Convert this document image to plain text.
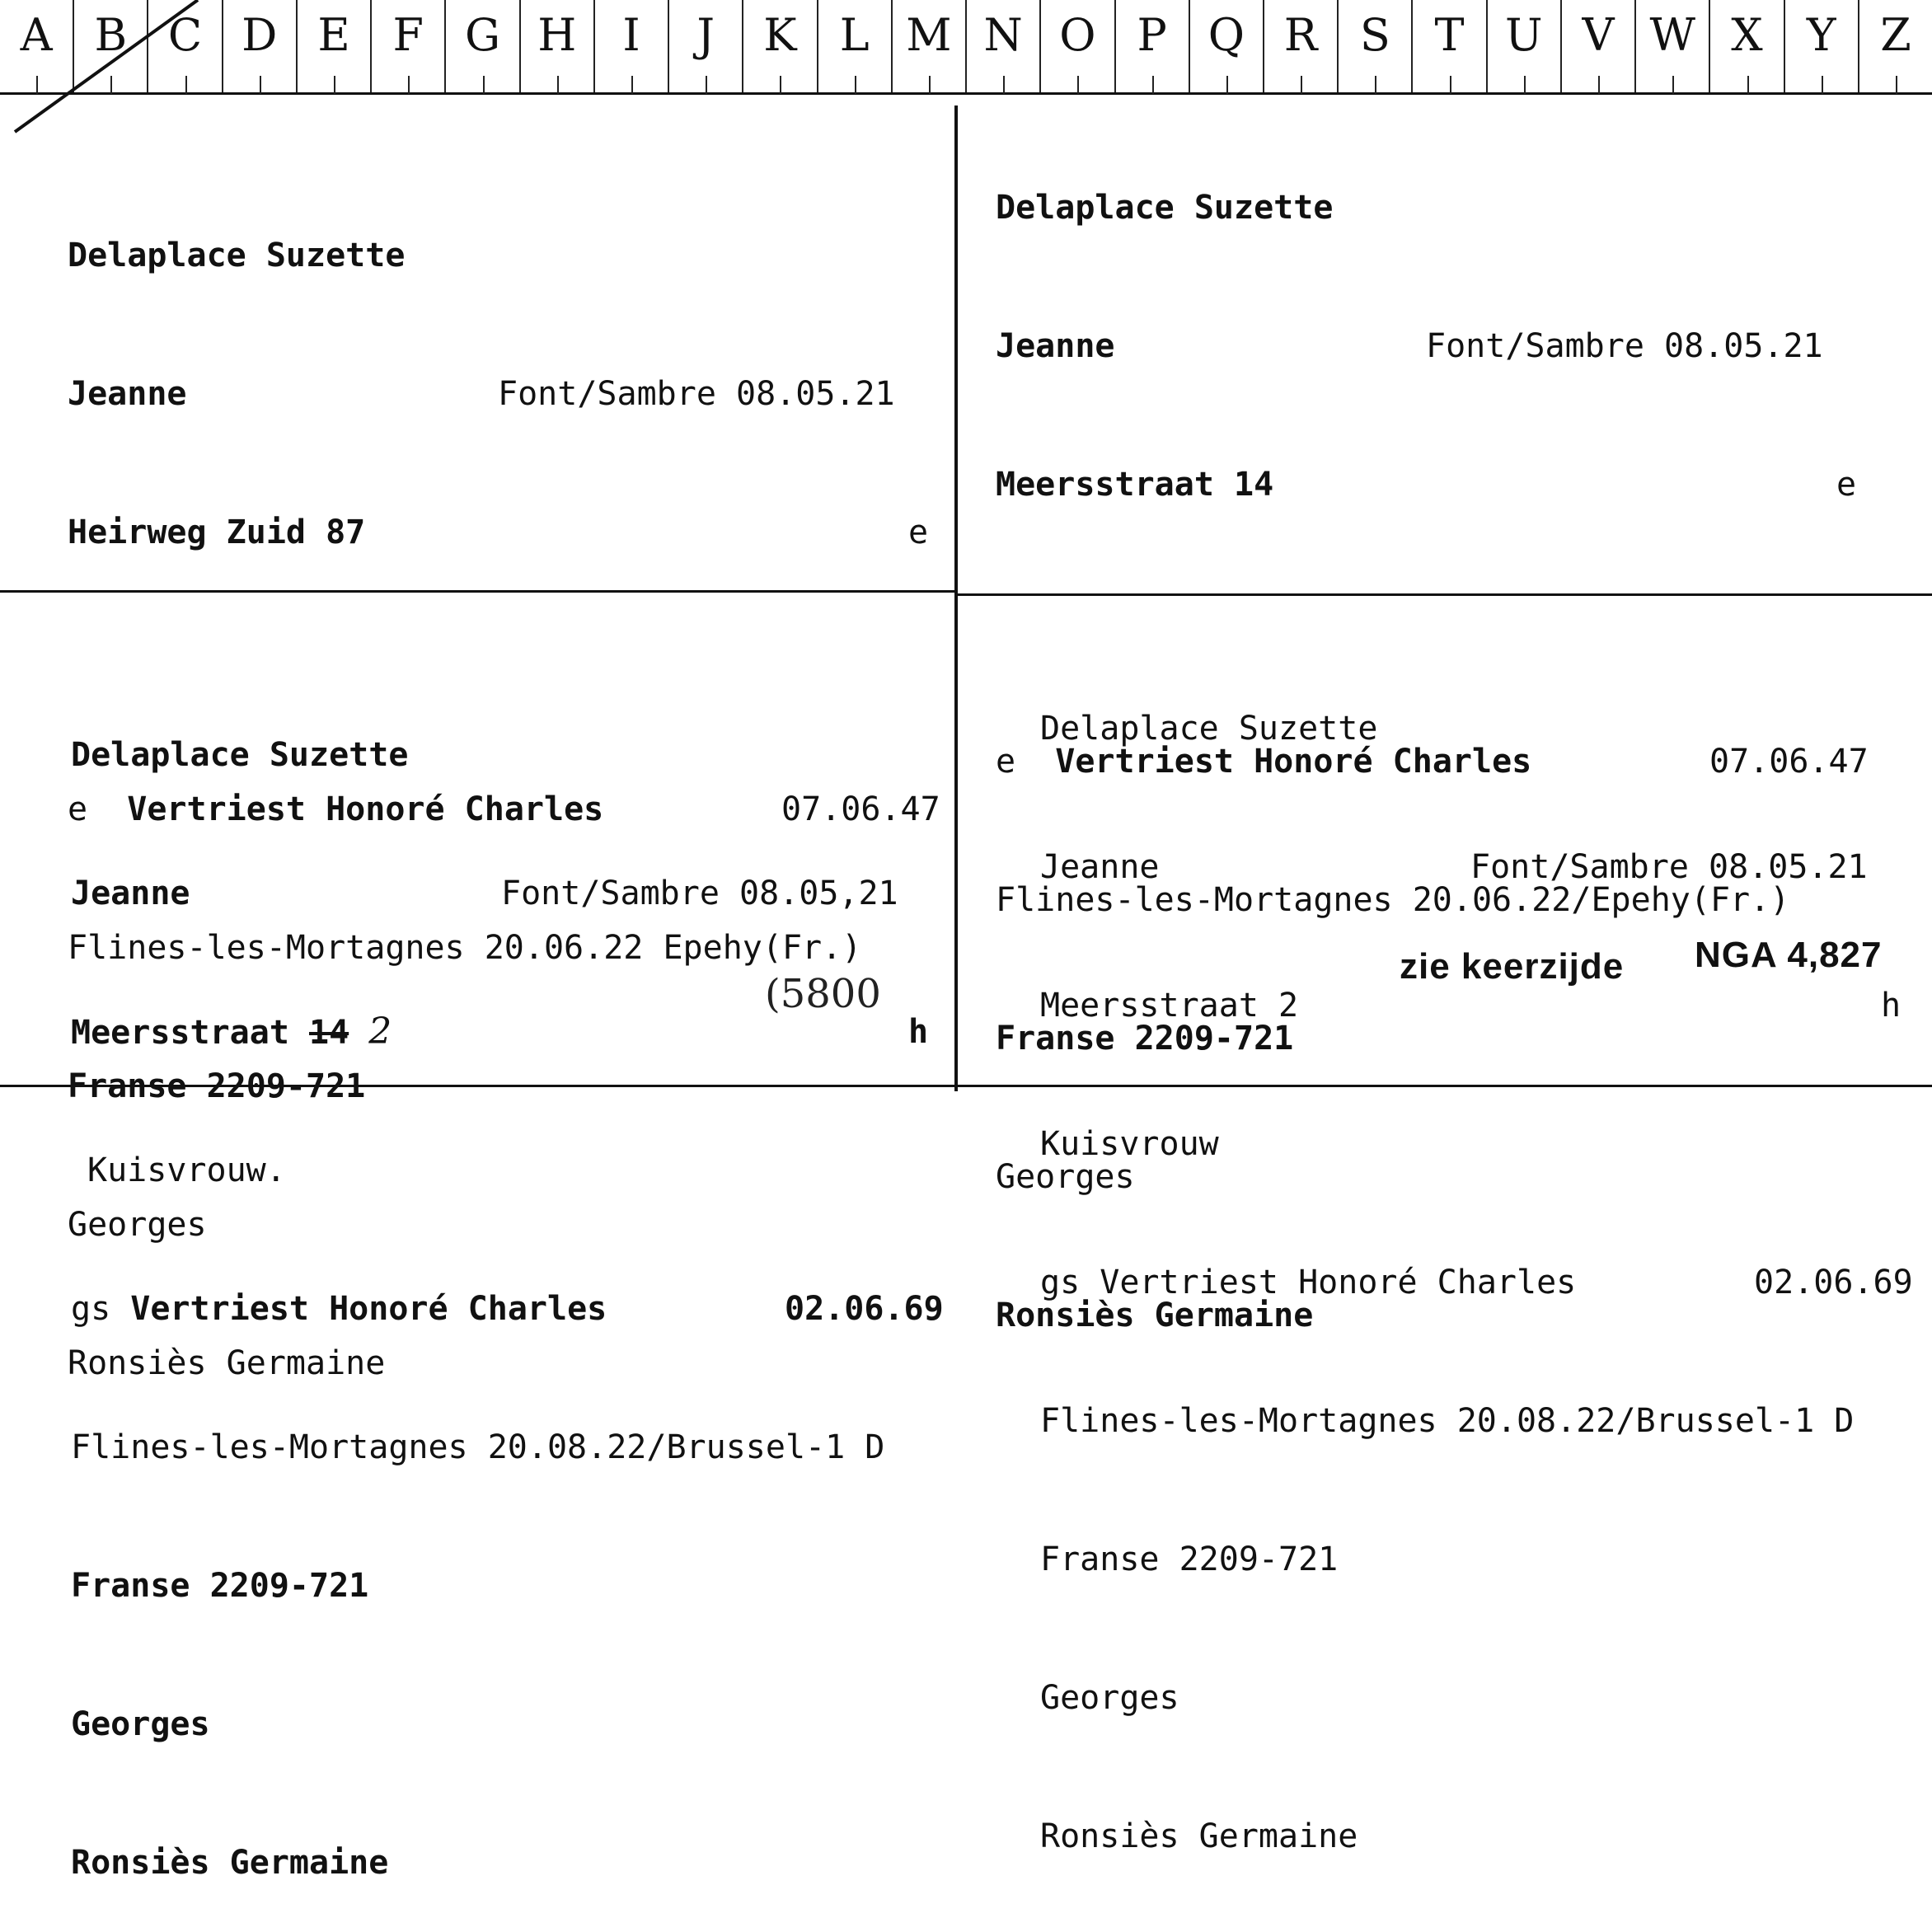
A B C D E F G H	I	J	K L M N O P Q R S T U V W X Y Z

Delaplace Suzette

Jeanne	Font/Sambre 08.05.21

Heirweg Zuid 87	e

e Vertriest Honoré Charles	07.06.47

Flines-les-Mortagnes 20.06.22 Epehy(Fr.)

Franse 2209-721

Georges

Ronsiès Germaine

Delaplace Suzette

Jeanne	Font/Sambre 08.05.21

Meersstraat 14	e

e Vertriest Honoré Charles	07.06.47

Flines-les-Mortagnes 20.06.22/Epehy(Fr.)

Franse 2209-721

Georges

Ronsiès Germaine

Delaplace Suzette

Jeanne	Font/Sambre 08.05,21

Meersstraat 14 2	h

Kuisvrouw.

gs Vertriest Honoré Charles	02.06.69

Flines-les-Mortagnes 20.08.22/Brussel-1 D

Franse 2209-721

Georges

Ronsiès Germaine

(5800

Delaplace Suzette

Jeanne	Font/Sambre 08.05.21

Meersstraat 2	h

Kuisvrouw

gs Vertriest Honoré Charles	02.06.69

Flines-les-Mortagnes 20.08.22/Brussel-1 D

Franse 2209-721

Georges

Ronsiès Germaine

zie keerzijde NGA 4,827
